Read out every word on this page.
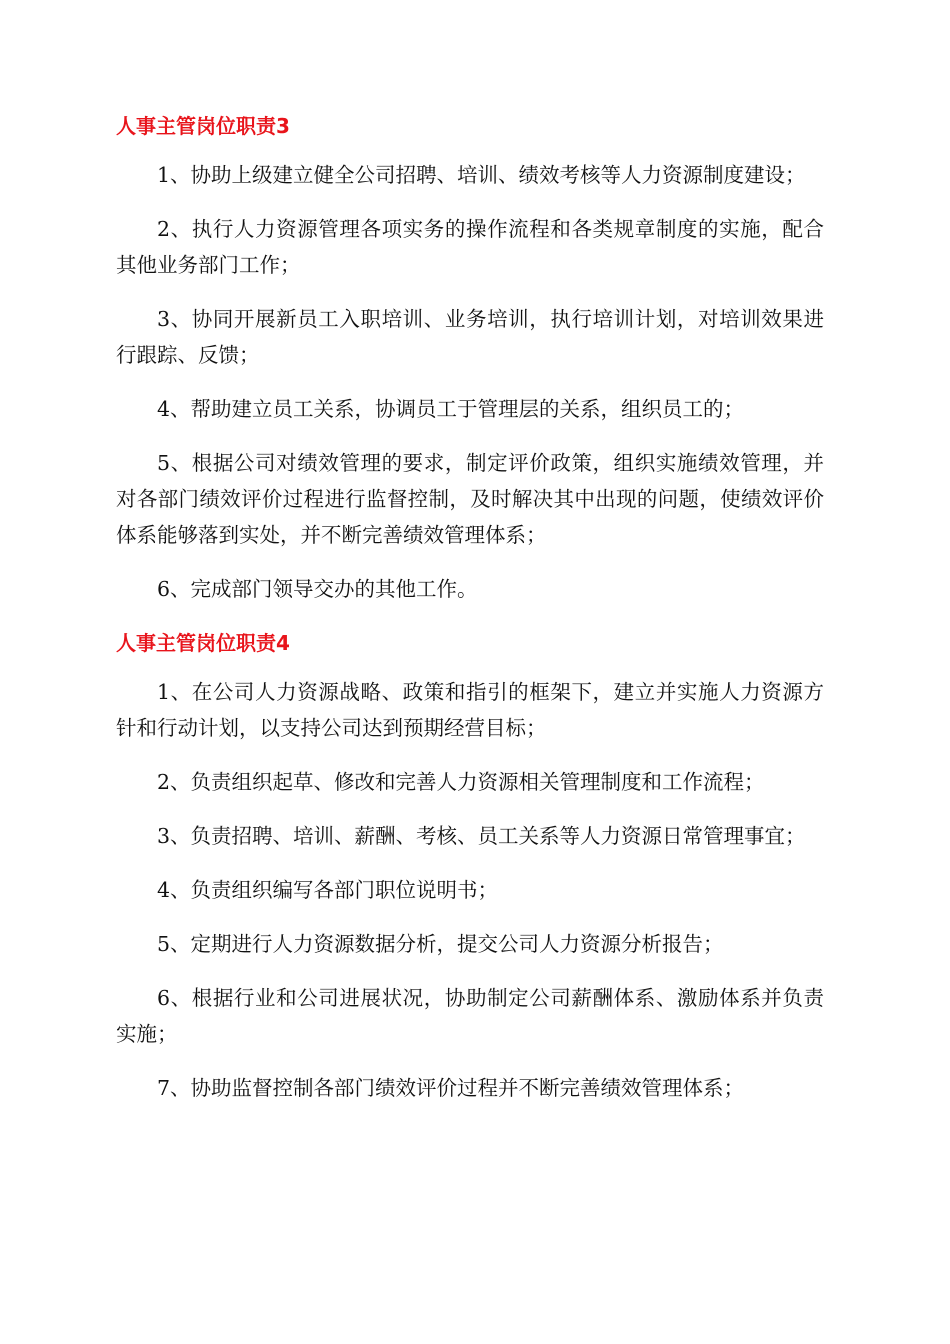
人事主管岗位职责3

1、协助上级建立健全公司招聘、培训、绩效考核等人力资源制度建设；

2、执行人力资源管理各项实务的操作流程和各类规章制度的实施，配合其他业务部门工作；

3、协同开展新员工入职培训、业务培训，执行培训计划，对培训效果进行跟踪、反馈；

4、帮助建立员工关系，协调员工于管理层的关系，组织员工的；

5、根据公司对绩效管理的要求，制定评价政策，组织实施绩效管理，并对各部门绩效评价过程进行监督控制，及时解决其中出现的问题，使绩效评价体系能够落到实处，并不断完善绩效管理体系；

6、完成部门领导交办的其他工作。

人事主管岗位职责4

1、在公司人力资源战略、政策和指引的框架下，建立并实施人力资源方针和行动计划，以支持公司达到预期经营目标；

2、负责组织起草、修改和完善人力资源相关管理制度和工作流程；

3、负责招聘、培训、薪酬、考核、员工关系等人力资源日常管理事宜；

4、负责组织编写各部门职位说明书；

5、定期进行人力资源数据分析，提交公司人力资源分析报告；

6、根据行业和公司进展状况，协助制定公司薪酬体系、激励体系并负责实施；

7、协助监督控制各部门绩效评价过程并不断完善绩效管理体系；
